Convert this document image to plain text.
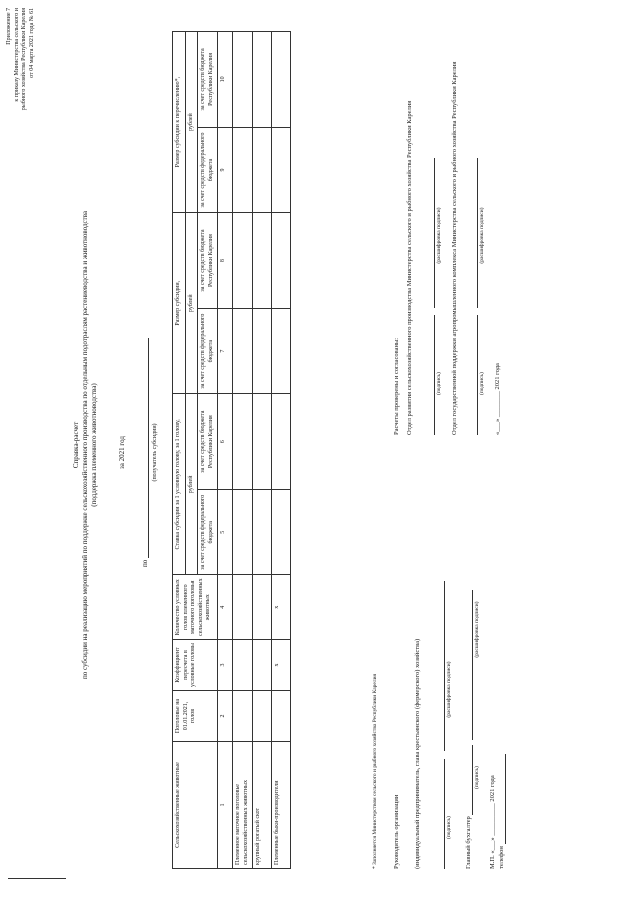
Приложение 7 к приказу Министерства сельского и рыбного хозяйства Республики Карелия от 04 марта 2021 года № 61
Справка-расчет по субсидии на реализацию мероприятий по поддержке сельскохозяйственного производства по отдельным подотраслям растениеводства и животноводства (поддержка племенного животноводства)	за 2021 год
по
(получатель субсидии)
Сельскохозяйственные животные	Поголовье на 01.01.2021, голов	Коэффициент пересчета в условные головы	Количество условных голов племенного маточного поголовья сельскохозяйственных животных	Ставка субсидии за 1 условную голову, за 1 голову,		Размер субсидии,		Размер субсидии к перечислению*,	
				рублей		рублей		рублей	
				за счет средств федерального бюджета	за счет средств бюджета Республики Карелия	за счет средств федерального бюджета	за счет средств бюджета Республики Карелия	за счет средств федерального бюджета	за счет средств бюджета Республики Карелия
1	2	3	4	5	6	7	8	9	10
Племенное маточное поголовье сельскохозяйственных животных									
крупный рогатый скот									
Племенные быки-производители		х	х						
* Заполняется Министерством сельского и рыбного хозяйства Республики Карелия Руководитель организации (индивидуальный предприниматель, глава крестьянского (фермерского) хозяйства)
	(подпись) (расшифровка подписи)
Главный бухгалтер
(подпись) (расшифровка подписи)
М.П. «___» __________ 2021 года телефон
Расчеты проверены и согласованы: Отдел развития сельскохозяйственного производства Министерства сельского и рыбного хозяйства Республики Карелия
	(подпись) (расшифровка подписи)	Отдел государственной поддержки агропромышленного комплекса Министерства сельского и рыбного хозяйства Республики Карелия
	(подпись) (расшифровка подписи)
«___» ________ 2021 года
